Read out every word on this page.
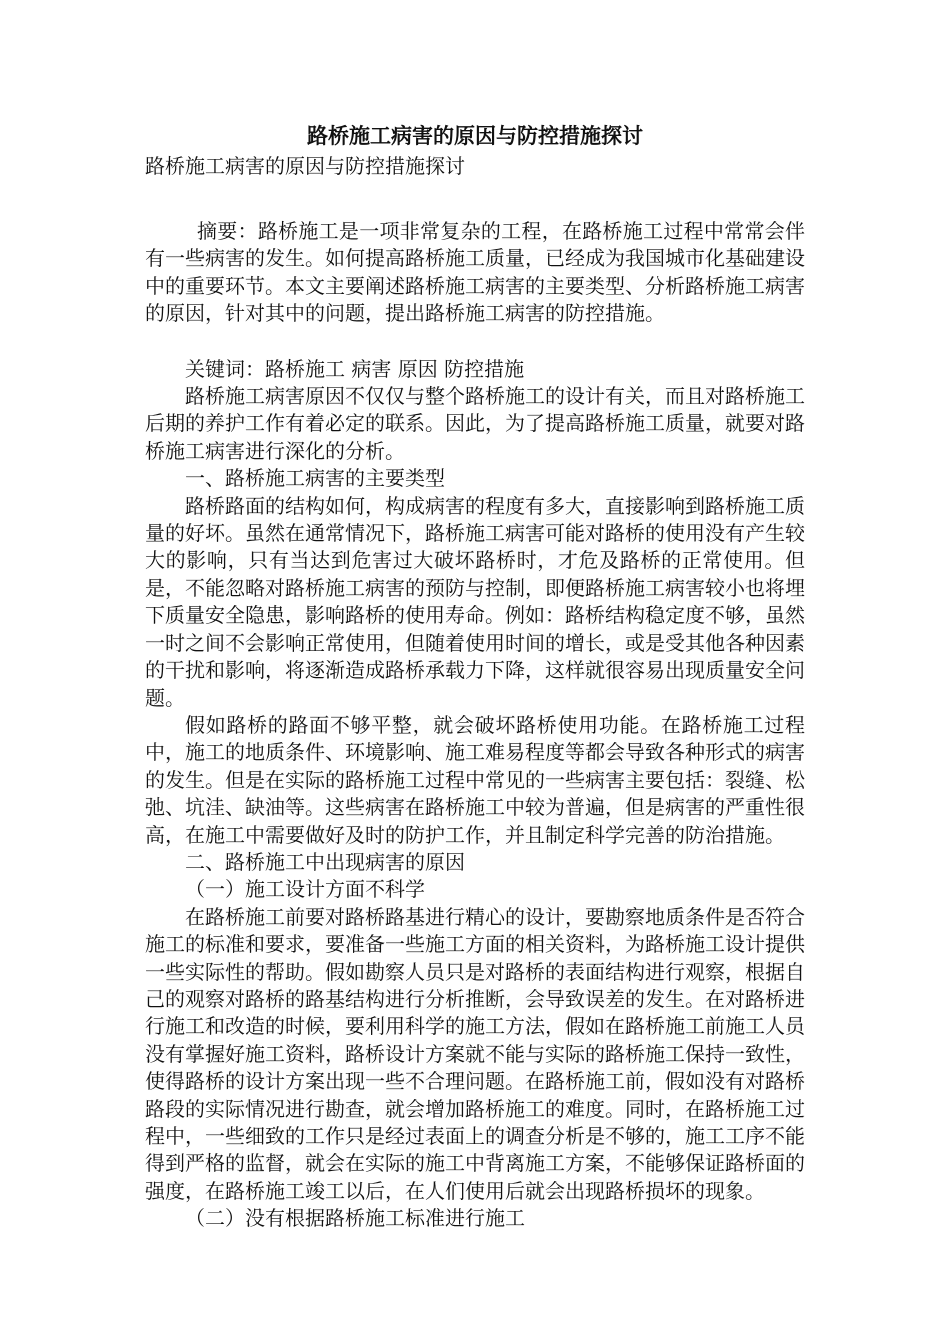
路桥施工病害的原因与防控措施探讨
路桥施工病害的原因与防控措施探讨

摘要：路桥施工是一项非常复杂的工程，在路桥施工过程中常常会伴有一些病害的发生。如何提高路桥施工质量，已经成为我国城市化基础建设中的重要环节。本文主要阐述路桥施工病害的主要类型、分析路桥施工病害的原因，针对其中的问题，提出路桥施工病害的防控措施。

关键词：路桥施工 病害 原因 防控措施

路桥施工病害原因不仅仅与整个路桥施工的设计有关，而且对路桥施工后期的养护工作有着必定的联系。因此，为了提高路桥施工质量，就要对路桥施工病害进行深化的分析。

一、路桥施工病害的主要类型

路桥路面的结构如何，构成病害的程度有多大，直接影响到路桥施工质量的好坏。虽然在通常情况下，路桥施工病害可能对路桥的使用没有产生较大的影响，只有当达到危害过大破坏路桥时，才危及路桥的正常使用。但是，不能忽略对路桥施工病害的预防与控制，即便路桥施工病害较小也将埋下质量安全隐患，影响路桥的使用寿命。例如：路桥结构稳定度不够，虽然一时之间不会影响正常使用，但随着使用时间的增长，或是受其他各种因素的干扰和影响，将逐渐造成路桥承载力下降，这样就很容易出现质量安全问题。

假如路桥的路面不够平整，就会破坏路桥使用功能。在路桥施工过程中，施工的地质条件、环境影响、施工难易程度等都会导致各种形式的病害的发生。但是在实际的路桥施工过程中常见的一些病害主要包括：裂缝、松弛、坑洼、缺油等。这些病害在路桥施工中较为普遍，但是病害的严重性很高，在施工中需要做好及时的防护工作，并且制定科学完善的防治措施。

二、路桥施工中出现病害的原因

（一）施工设计方面不科学

在路桥施工前要对路桥路基进行精心的设计，要勘察地质条件是否符合施工的标准和要求，要准备一些施工方面的相关资料，为路桥施工设计提供一些实际性的帮助。假如勘察人员只是对路桥的表面结构进行观察，根据自己的观察对路桥的路基结构进行分析推断，会导致误差的发生。在对路桥进行施工和改造的时候，要利用科学的施工方法，假如在路桥施工前施工人员没有掌握好施工资料，路桥设计方案就不能与实际的路桥施工保持一致性，使得路桥的设计方案出现一些不合理问题。在路桥施工前，假如没有对路桥路段的实际情况进行勘查，就会增加路桥施工的难度。同时，在路桥施工过程中，一些细致的工作只是经过表面上的调查分析是不够的，施工工序不能得到严格的监督，就会在实际的施工中背离施工方案，不能够保证路桥面的强度，在路桥施工竣工以后，在人们使用后就会出现路桥损坏的现象。

（二）没有根据路桥施工标准进行施工
